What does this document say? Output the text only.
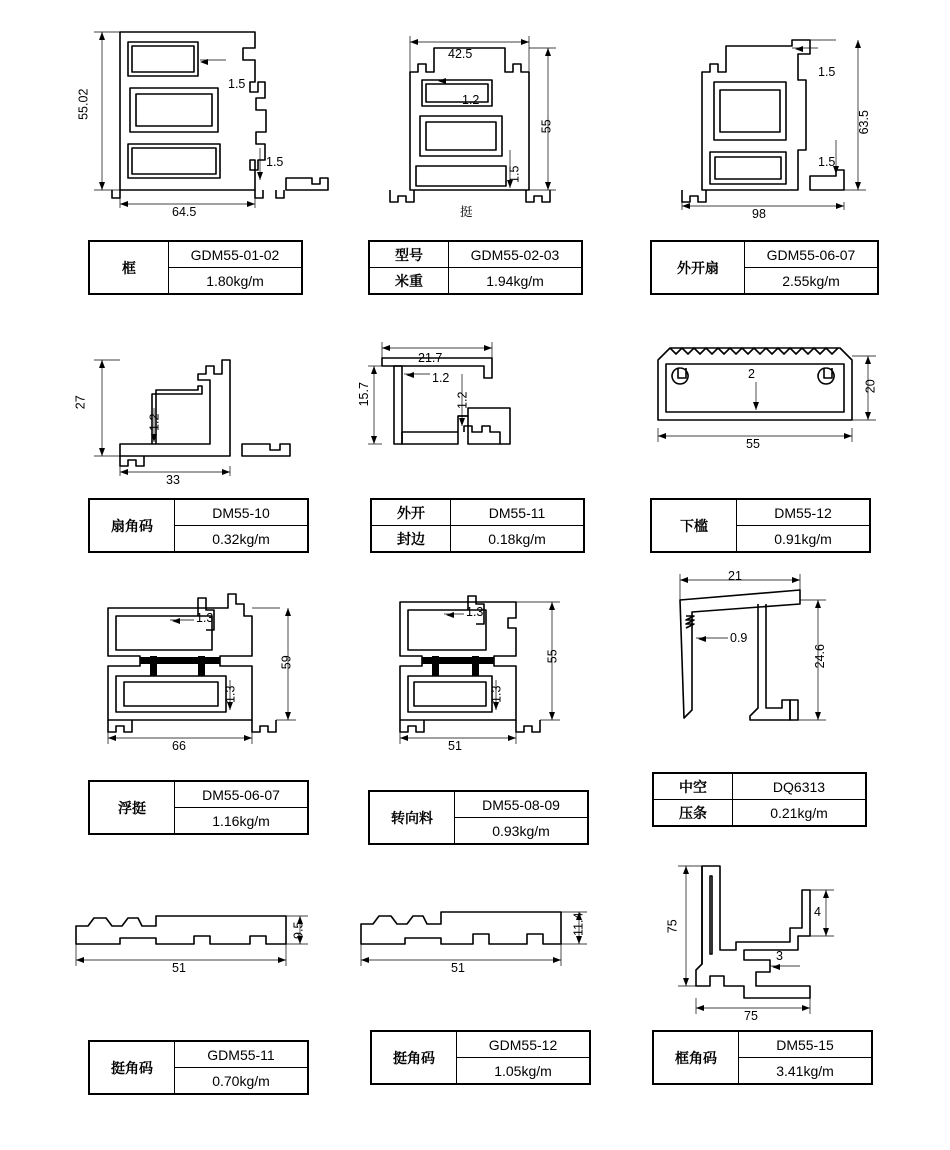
55.02
1.5
1.5
64.5
框	GDM55-01-02
1.80kg/m
42.5
1.2
55
1.5
挺
型号	GDM55-02-03
米重	1.94kg/m
1.5
63.5
1.5
98
外开扇	GDM55-06-07
2.55kg/m
27
1.2
33
扇角码	DM55-10
0.32kg/m
21.7
1.2
15.7	1.2
外开	DM55-11
封边	0.18kg/m
20
2
55
下槛	DM55-12
0.91kg/m
1.3
59
1.3
66
浮挺	DM55-06-07
1.16kg/m
1.3
55
1.3
51
转向料	DM55-08-09
0.93kg/m
21
0.9
24.6
中空	DQ6313
压条	0.21kg/m
9.5
51
挺角码	GDM55-11
0.70kg/m
11.4
51
挺角码	GDM55-12
1.05kg/m
75
4
3
75
框角码	DM55-15
3.41kg/m
